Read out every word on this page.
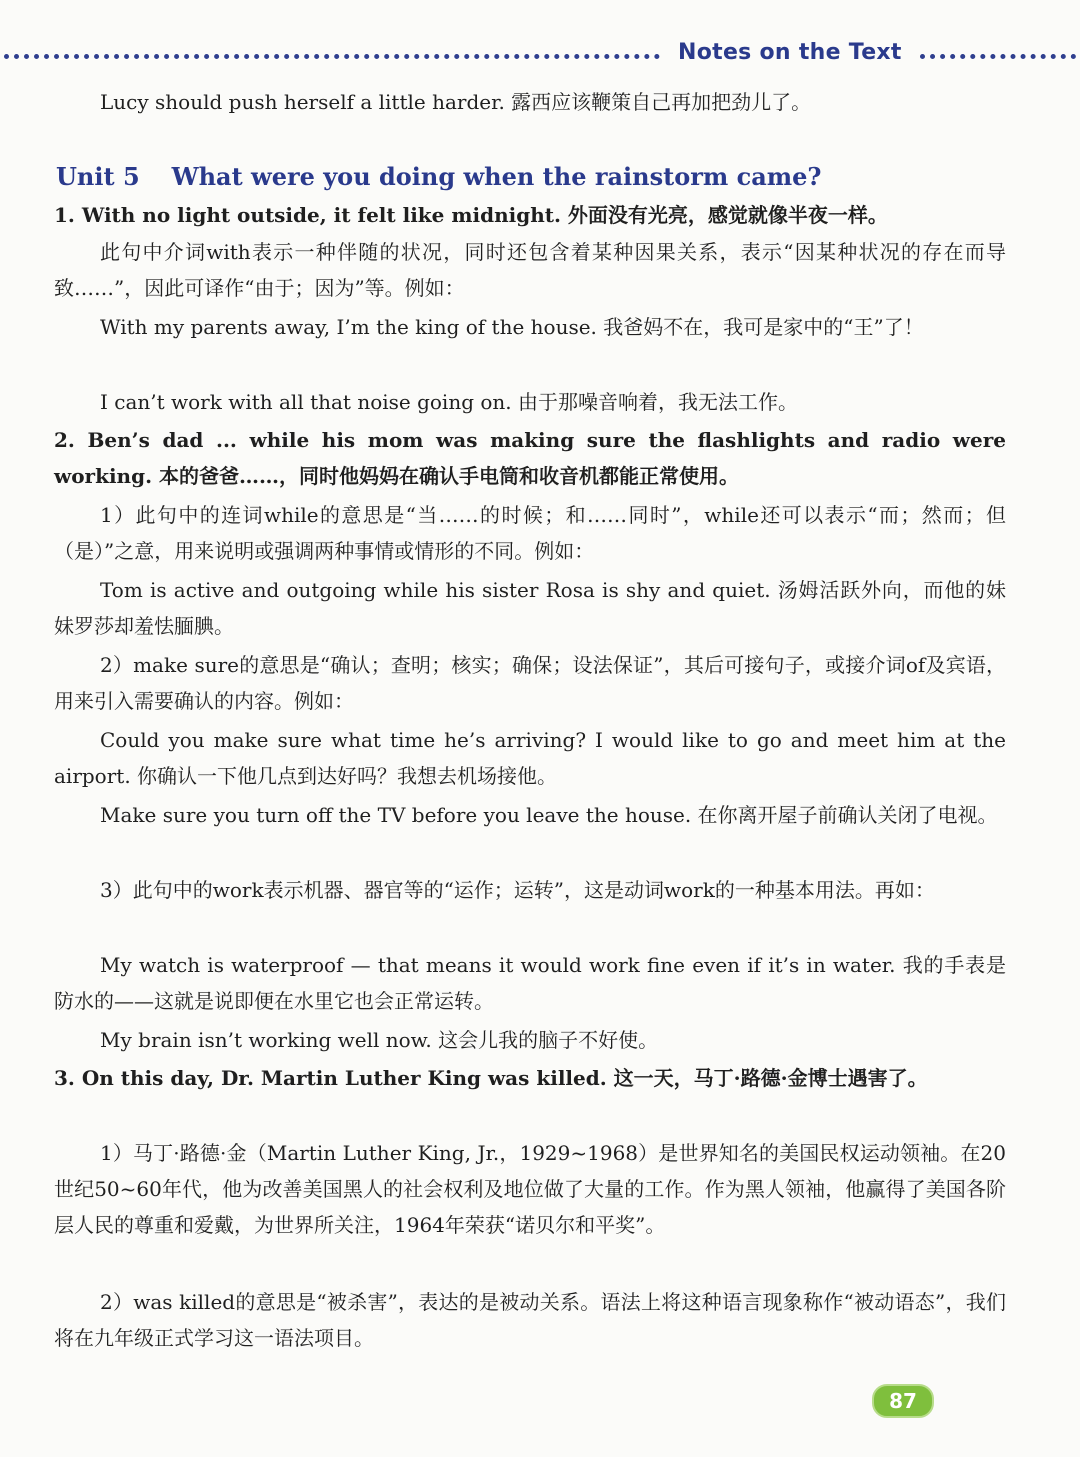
Notes on the Text

Lucy should push herself a little harder. 露西应该鞭策自己再加把劲儿了。

Unit 5 What were you doing when the rainstorm came?

1. With no light outside, it felt like midnight. 外面没有光亮，感觉就像半夜一样。

此句中介词with表示一种伴随的状况，同时还包含着某种因果关系，表示“因某种状况的存在而导致……”，因此可译作“由于；因为”等。例如：

With my parents away, I’m the king of the house. 我爸妈不在，我可是家中的“王”了！

I can’t work with all that noise going on. 由于那噪音响着，我无法工作。

2. Ben’s dad ... while his mom was making sure the flashlights and radio were working. 本的爸爸……，同时他妈妈在确认手电筒和收音机都能正常使用。

1）此句中的连词while的意思是“当……的时候；和……同时”，while还可以表示“而；然而；但（是）”之意，用来说明或强调两种事情或情形的不同。例如：

Tom is active and outgoing while his sister Rosa is shy and quiet. 汤姆活跃外向，而他的妹妹罗莎却羞怯腼腆。

2）make sure的意思是“确认；查明；核实；确保；设法保证”，其后可接句子，或接介词of及宾语，用来引入需要确认的内容。例如：

Could you make sure what time he’s arriving? I would like to go and meet him at the airport. 你确认一下他几点到达好吗？我想去机场接他。

Make sure you turn off the TV before you leave the house. 在你离开屋子前确认关闭了电视。

3）此句中的work表示机器、器官等的“运作；运转”，这是动词work的一种基本用法。再如：

My watch is waterproof — that means it would work fine even if it’s in water. 我的手表是防水的——这就是说即便在水里它也会正常运转。

My brain isn’t working well now. 这会儿我的脑子不好使。

3. On this day, Dr. Martin Luther King was killed. 这一天，马丁·路德·金博士遇害了。

1）马丁·路德·金（Martin Luther King, Jr.，1929~1968）是世界知名的美国民权运动领袖。在20世纪50~60年代，他为改善美国黑人的社会权利及地位做了大量的工作。作为黑人领袖，他赢得了美国各阶层人民的尊重和爱戴，为世界所关注，1964年荣获“诺贝尔和平奖”。

2）was killed的意思是“被杀害”，表达的是被动关系。语法上将这种语言现象称作“被动语态”，我们将在九年级正式学习这一语法项目。

87
